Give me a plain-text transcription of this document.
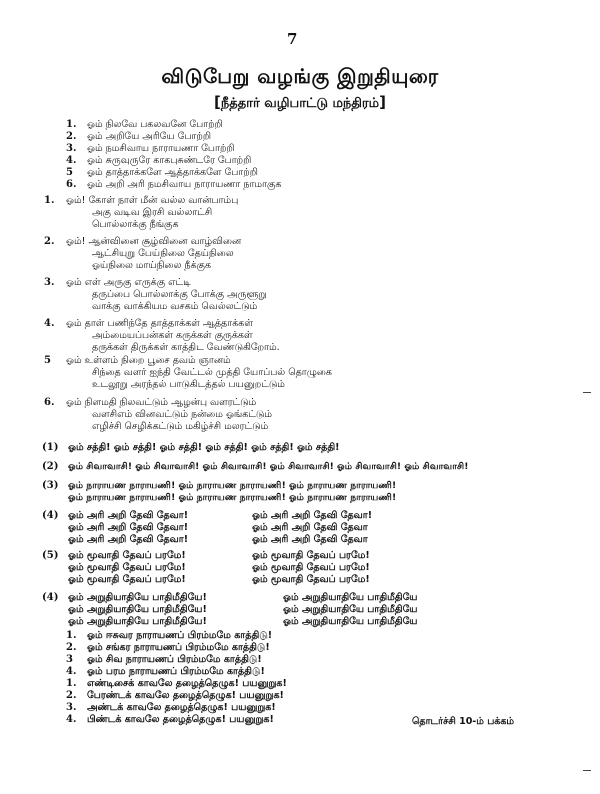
7
விடுபேறு வழங்கு இறுதியுரை
[நீத்தார் வழிபாட்டு மந்திரம்]
1. ஓம் நிலவே பகலவனே போற்றி
2. ஓம் அறியே அரியே போற்றி
3. ஓம் நமசிவாய நாராயணா போற்றி
4. ஓம் சுருவுருரே காகபுசுண்டரே போற்றி
5 ஓம் தாத்தாக்களே ஆத்தாக்களே போற்றி
6. ஓம் அறி அரி நமசிவாய நாராயணா நாமாகுக
1. ஓம்! கோள் நாள் மீன் வல்ல வான்பாம்பு
அகு வடிவ இரசி வல்லாட்சி
பொல்லாக்கு நீங்குக
2. ஓம்! ஆன்வினை சூழ்வினை வாழ்வினை
ஆட்சியுறு பேய்நிலை தேய்நிலை
ஓய்நிலை மாய்நிலை நீக்குக
3. ஓம் எள் அருகு எருக்கு எட்டி
தருப்பை பொல்லாக்கு போக்கு அருளூறு
வாக்கு வாக்கியம வசகம் வெல்லட்டும்
4. ஓம் தாள் பணிந்தே தாத்தாக்கள் ஆத்தாக்கள்
அம்மையப்பன்கள் கருக்கள் குருக்கள்
தருக்கள் திருக்கள் காத்திட வேண்டுகிறோம்.
5 ஓம் உள்ளம் நிறை பூசை தவம் ஞானம்
சிந்தை வளர் ஐந்தி வேட்டல் முத்தி யோப்பல் தொழுகை
உடலூறு அரந்தல் பாடுகிடத்தல் பயனுறட்டும்
6. ஓம் நிளமதி நிலவட்டும் ஆழன்பு வளரட்டும்
வளசிஎம் வினவட்டும் நன்மை ஓங்கட்டும்
எழிச்சி செழிக்கட்டும் மகிழ்ச்சி மலரட்டும்
(1) ஓம் சத்தி! ஓம் சத்தி! ஓம் சத்தி! ஓம் சத்தி! ஓம் சத்தி! ஓம் சத்தி!
(2) ஓம் சிவாவாசி! ஓம் சிவாவாசி! ஓம் சிவாவாசி! ஓம் சிவாவாசி! ஓம் சிவாவாசி! ஓம் சிவாவாசி!
(3) ஓம் நாராயண நாராயணி! ஓம் நாராயண நாராயணி! ஓம் நாராயண நாராயணி!
ஓம் நாராயண நாராயணி! ஓம் நாராயண நாராயணி! ஓம் நாராயண நாராயணி!
(4) ஓம் அரி அறி தேவி தேவா!	ஓம் அரி அறி தேவி தேவா!
ஓம் அரி அறி தேவி தேவா!	ஓம் அரி அறி தேவி தேவா
ஓம் அரி அறி தேவி தேவா!	ஓம் அரி அறி தேவி தேவா
(5) ஓம் மூவாதி தேவப் பரமே!	ஓம் மூவாதி தேவப் பரமே!
ஓம் மூவாதி தேவப் பரமே!	ஓம் மூவாதி தேவப் பரமே!
ஓம் மூவாதி தேவப் பரமே!	ஓம் மூவாதி தேவப் பரமே!
(4) ஓம் அறுதியாதியே பாதிமீதியே!	ஓம் அறுதியாதியே பாதிமீதியே
ஓம் அறுதியாதியே பாதிமீதியே!	ஓம் அறுதியாதியே பாதிமீதியே
ஓம் அறுதியாதியே பாதிமீதியே!	ஓம் அறுதியாதியே பாதிமீதியே
1. ஓம் ஈசுவர நாராயணப் பிரம்மமே காத்திடு!
2. ஓம் சங்கர நாராயணப் பிரம்மமே காத்திடு!
3 ஓம் சிவ நாராயணப் பிரம்மமே காத்திடு!
4. ஓம் பரம நாராயணப் பிரம்மமே காத்திடு!
1. எண்டிசைக் காவலே தழைத்தெழுக! பயனுறுக!
2. பேரண்டக் காவலே தழைத்தெழுக! பயனுறுக!
3. அண்டக் காவலே தழைத்தெழுக! பயனுறுக!
4. பிண்டக் காவலே தழைத்தெழுக! பயனுறுக!	தொடர்ச்சி 10-ம் பக்கம்
